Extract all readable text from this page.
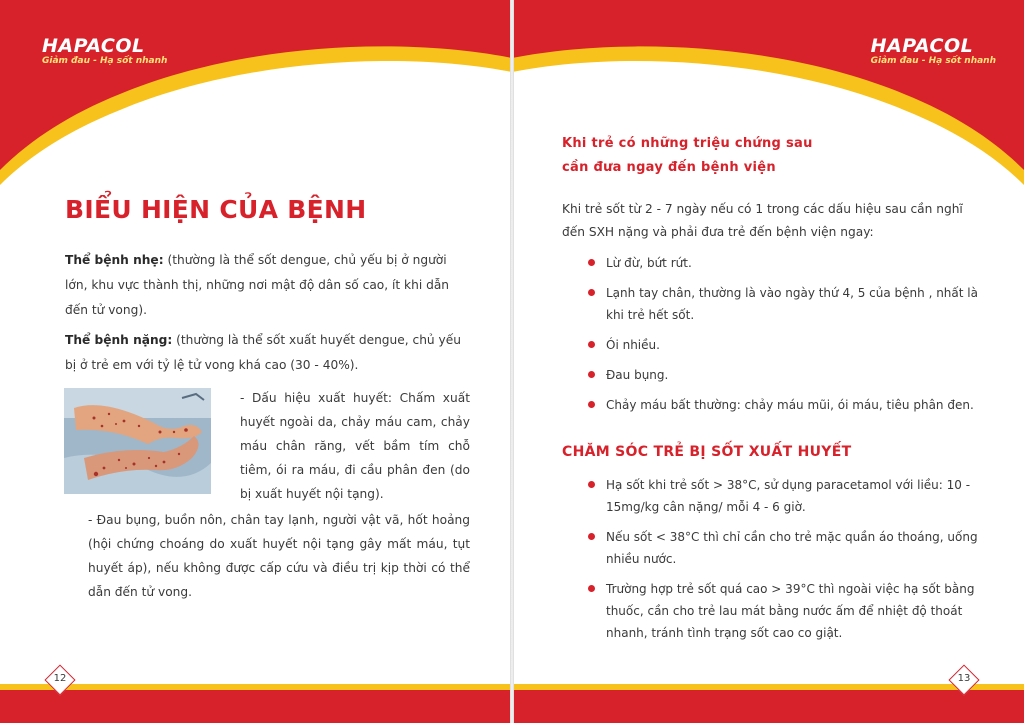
HAPACOL
Giảm đau - Hạ sốt nhanh
BIỂU HIỆN CỦA BỆNH
Thể bệnh nhẹ: (thường là thể sốt dengue, chủ yếu bị ở người lớn, khu vực thành thị, những nơi mật độ dân số cao, ít khi dẫn đến tử vong).
Thể bệnh nặng: (thường là thể sốt xuất huyết dengue, chủ yếu bị ở trẻ em với tỷ lệ tử vong khá cao (30 - 40%).
- Dấu hiệu xuất huyết: Chấm xuất huyết ngoài da, chảy máu cam, chảy máu chân răng, vết bầm tím chỗ tiêm, ói ra máu, đi cầu phân đen (do bị xuất huyết nội tạng).
- Đau bụng, buồn nôn, chân tay lạnh, người vật vã, hốt hoảng (hội chứng choáng do xuất huyết nội tạng gây mất máu, tụt huyết áp), nếu không được cấp cứu và điều trị kịp thời có thể dẫn đến tử vong.
12
HAPACOL
Giảm đau - Hạ sốt nhanh
Khi trẻ có những triệu chứng sau
cần đưa ngay đến bệnh viện
Khi trẻ sốt từ 2 - 7 ngày nếu có 1 trong các dấu hiệu sau cần nghĩ đến SXH nặng và phải đưa trẻ đến bệnh viện ngay:
Lừ đừ, bứt rứt.
Lạnh tay chân, thường là vào ngày thứ 4, 5 của bệnh , nhất là khi trẻ hết sốt.
Ói nhiều.
Đau bụng.
Chảy máu bất thường: chảy máu mũi, ói máu, tiêu phân đen.
CHĂM SÓC TRẺ BỊ SỐT XUẤT HUYẾT
Hạ sốt khi trẻ sốt > 38°C, sử dụng paracetamol với liều: 10 - 15mg/kg cân nặng/ mỗi 4 - 6 giờ.
Nếu sốt < 38°C thì chỉ cần cho trẻ mặc quần áo thoáng, uống nhiều nước.
Trường hợp trẻ sốt quá cao > 39°C thì ngoài việc hạ sốt bằng thuốc, cần cho trẻ lau mát bằng nước ấm để nhiệt độ thoát nhanh, tránh tình trạng sốt cao co giật.
13
